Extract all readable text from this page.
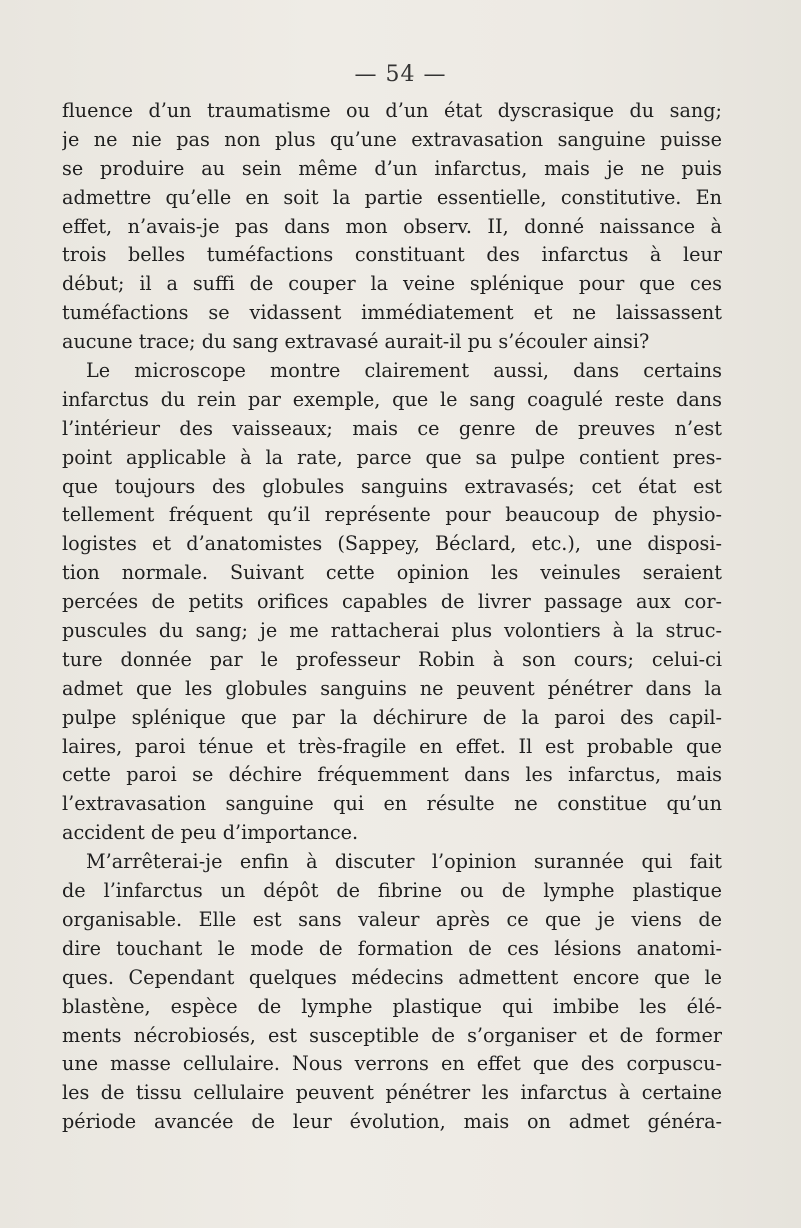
— 54 —
fluence d’un traumatisme ou d’un état dyscrasique du sang;
je ne nie pas non plus qu’une extravasation sanguine puisse
se produire au sein même d’un infarctus, mais je ne puis
admettre qu’elle en soit la partie essentielle, constitutive. En
effet, n’avais-je pas dans mon observ. II, donné naissance à
trois belles tuméfactions constituant des infarctus à leur
début; il a suffi de couper la veine splénique pour que ces
tuméfactions se vidassent immédiatement et ne laissassent
aucune trace; du sang extravasé aurait-il pu s’écouler ainsi?
Le microscope montre clairement aussi, dans certains
infarctus du rein par exemple, que le sang coagulé reste dans
l’intérieur des vaisseaux; mais ce genre de preuves n’est
point applicable à la rate, parce que sa pulpe contient pres-
que toujours des globules sanguins extravasés; cet état est
tellement fréquent qu’il représente pour beaucoup de physio-
logistes et d’anatomistes (Sappey, Béclard, etc.), une disposi-
tion normale. Suivant cette opinion les veinules seraient
percées de petits orifices capables de livrer passage aux cor-
puscules du sang; je me rattacherai plus volontiers à la struc-
ture donnée par le professeur Robin à son cours; celui-ci
admet que les globules sanguins ne peuvent pénétrer dans la
pulpe splénique que par la déchirure de la paroi des capil-
laires, paroi ténue et très-fragile en effet. Il est probable que
cette paroi se déchire fréquemment dans les infarctus, mais
l’extravasation sanguine qui en résulte ne constitue qu’un
accident de peu d’importance.
M’arrêterai-je enfin à discuter l’opinion surannée qui fait
de l’infarctus un dépôt de fibrine ou de lymphe plastique
organisable. Elle est sans valeur après ce que je viens de
dire touchant le mode de formation de ces lésions anatomi-
ques. Cependant quelques médecins admettent encore que le
blastène, espèce de lymphe plastique qui imbibe les élé-
ments nécrobiosés, est susceptible de s’organiser et de former
une masse cellulaire. Nous verrons en effet que des corpuscu-
les de tissu cellulaire peuvent pénétrer les infarctus à certaine
période avancée de leur évolution, mais on admet généra-
